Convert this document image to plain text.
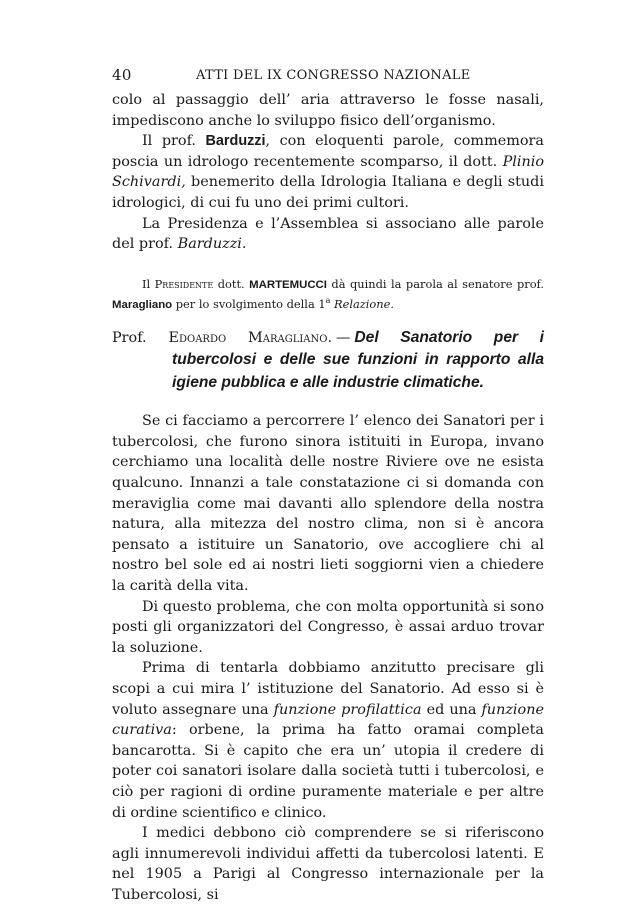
40	ATTI DEL IX CONGRESSO NAZIONALE

colo al passaggio dell’ aria attraverso le fosse nasali, impediscono anche lo sviluppo fisico dell’organismo.

Il prof. Barduzzi, con eloquenti parole, commemora poscia un idrologo recentemente scomparso, il dott. Plinio Schivardi, benemerito della Idrologia Italiana e degli studi idrologici, di cui fu uno dei primi cultori.

La Presidenza e l’Assemblea si associano alle parole del prof. Barduzzi.

Il Presidente dott. MARTEMUCCI dà quindi la parola al senatore prof. Maragliano per lo svolgimento della 1$^a$ Relazione.

Prof. Edoardo Maragliano. — Del Sanatorio per i tubercolosi e delle sue funzioni in rapporto alla igiene pubblica e alle industrie climatiche.

Se ci facciamo a percorrere l’ elenco dei Sanatori per i tubercolosi, che furono sinora istituiti in Europa, invano cerchiamo una località delle nostre Riviere ove ne esista qualcuno. Innanzi a tale constatazione ci si domanda con meraviglia come mai davanti allo splendore della nostra natura, alla mitezza del nostro clima, non si è ancora pensato a istituire un Sanatorio, ove accogliere chi al nostro bel sole ed ai nostri lieti soggiorni vien a chiedere la carità della vita.

Di questo problema, che con molta opportunità si sono posti gli organizzatori del Congresso, è assai arduo trovar la soluzione.

Prima di tentarla dobbiamo anzitutto precisare gli scopi a cui mira l’ istituzione del Sanatorio. Ad esso si è voluto assegnare una funzione profilattica ed una funzione curativa: orbene, la prima ha fatto oramai completa bancarotta. Si è capito che era un’ utopia il credere di poter coi sanatori isolare dalla società tutti i tubercolosi, e ciò per ragioni di ordine puramente materiale e per altre di ordine scientifico e clinico.

I medici debbono ciò comprendere se si riferiscono agli innumerevoli individui affetti da tubercolosi latenti. E nel 1905 a Parigi al Congresso internazionale per la Tubercolosi, si
